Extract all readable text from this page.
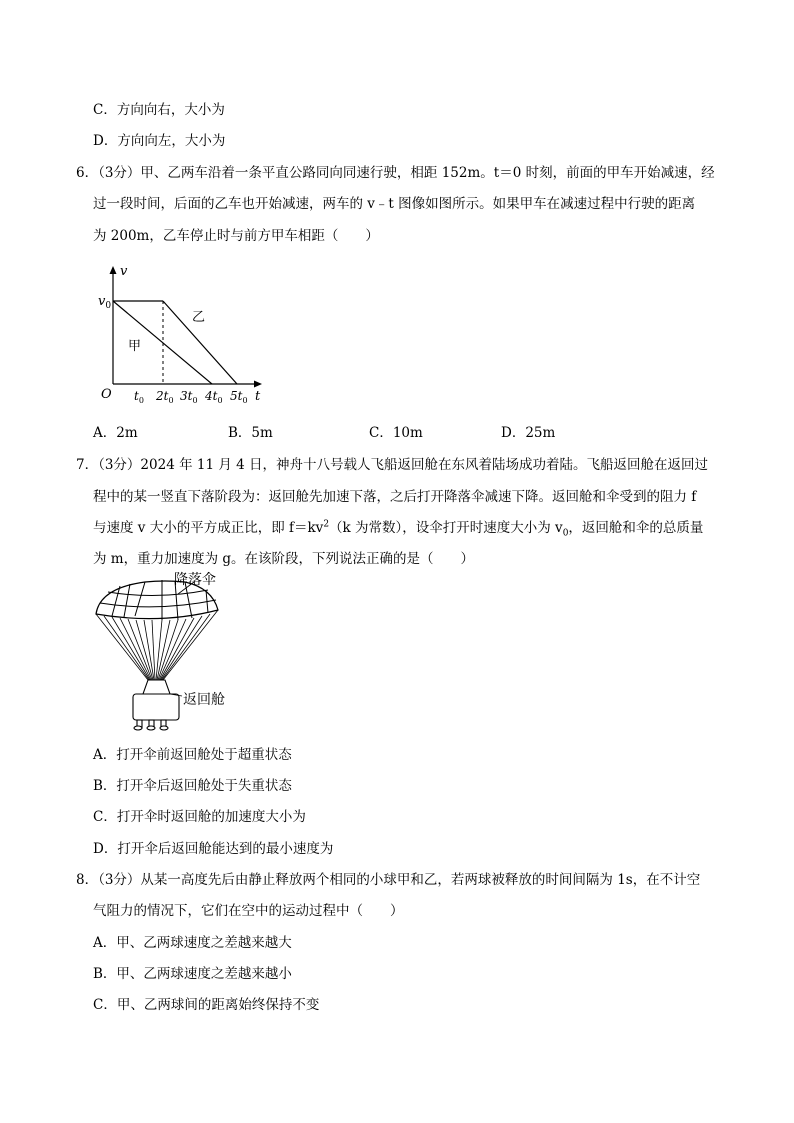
C．方向向右，大小为
D．方向向左，大小为
6．（3分）甲、乙两车沿着一条平直公路同向同速行驶，相距 152m。t＝0 时刻，前面的甲车开始减速，经
过一段时间，后面的乙车也开始减速，两车的 v﹣t 图像如图所示。如果甲车在减速过程中行驶的距离
为 200m，乙车停止时与前方甲车相距（　　）
v
t
O
$v_0$
甲
乙
$t_0$ $2t_0$ $3t_0$ $4t_0$ $5t_0$
A．2m	B．5m	C．10m	D．25m
7．（3分）2024 年 11 月 4 日，神舟十八号载人飞船返回舱在东风着陆场成功着陆。飞船返回舱在返回过
程中的某一竖直下落阶段为：返回舱先加速下落，之后打开降落伞减速下降。返回舱和伞受到的阻力 f
与速度 v 大小的平方成正比，即 $f=kv^2(k$ 为常数），设伞打开时速度大小为 $v_0$，返回舱和伞的总质量
为 m，重力加速度为 g。在该阶段，下列说法正确的是（　　）
降落伞
返回舱
A．打开伞前返回舱处于超重状态
B．打开伞后返回舱处于失重状态
C．打开伞时返回舱的加速度大小为
D．打开伞后返回舱能达到的最小速度为
8．（3分）从某一高度先后由静止释放两个相同的小球甲和乙，若两球被释放的时间间隔为 1s，在不计空
气阻力的情况下，它们在空中的运动过程中（　　）
A．甲、乙两球速度之差越来越大
B．甲、乙两球速度之差越来越小
C．甲、乙两球间的距离始终保持不变
